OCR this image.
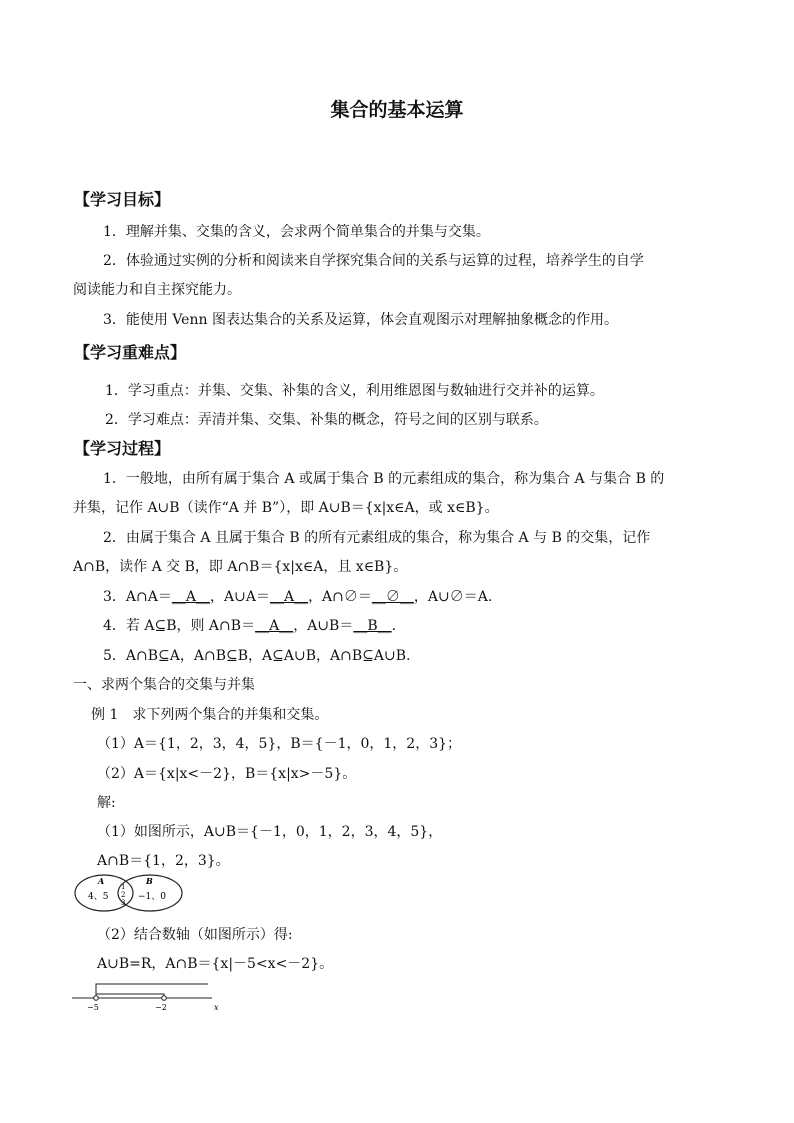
集合的基本运算
【学习目标】
1．理解并集、交集的含义，会求两个简单集合的并集与交集。
2．体验通过实例的分析和阅读来自学探究集合间的关系与运算的过程，培养学生的自学
阅读能力和自主探究能力。
3．能使用 Venn 图表达集合的关系及运算，体会直观图示对理解抽象概念的作用。
【学习重难点】
1．学习重点：并集、交集、补集的含义，利用维恩图与数轴进行交并补的运算。
2．学习难点：弄清并集、交集、补集的概念，符号之间的区别与联系。
【学习过程】
1．一般地，由所有属于集合 A 或属于集合 B 的元素组成的集合，称为集合 A 与集合 B 的
并集，记作 A∪B（读作“A 并 B”），即 A∪B＝{x|x∈A，或 x∈B}。
2．由属于集合 A 且属于集合 B 的所有元素组成的集合，称为集合 A 与 B 的交集，记作
A∩B，读作 A 交 B，即 A∩B＝{x|x∈A，且 x∈B}。
3．A∩A＝__A__，A∪A＝__A__，A∩∅＝__∅__，A∪∅＝A.
4．若 A⊆B，则 A∩B＝__A__，A∪B＝__B__.
5．A∩B⊆A，A∩B⊆B，A⊆A∪B，A∩B⊆A∪B.
一、求两个集合的交集与并集
例 1　求下列两个集合的并集和交集。
（1）A＝{1，2，3，4，5}，B＝{－1，0，1，2，3}；
（2）A＝{x|x<－2}，B＝{x|x>－5}。
解:
（1）如图所示，A∪B＝{－1，0，1，2，3，4，5}，
A∩B＝{1，2，3}。
A	B
4、5
1
2
3
−1、0
（2）结合数轴（如图所示）得:
A∪B=R，A∩B＝{x|－5<x<－2}。
−5	−2	x
